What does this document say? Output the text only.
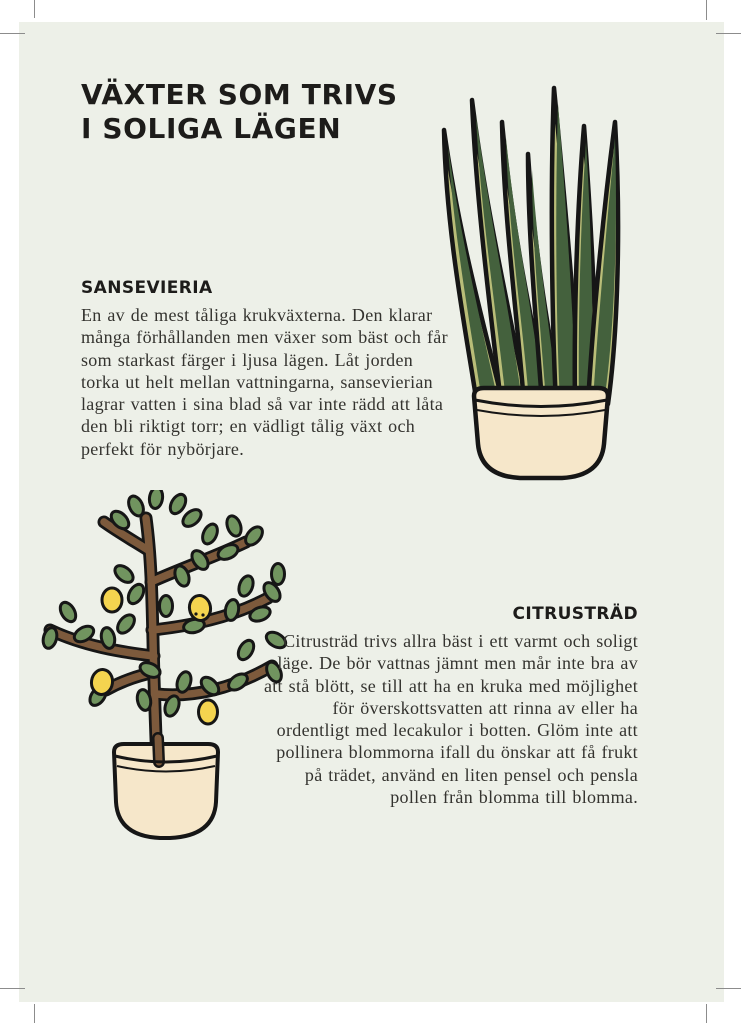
VÄXTER SOM TRIVS
I SOLIGA LÄGEN
SANSEVIERIA

En av de mest tåliga krukväxterna. Den klarar många förhållanden men växer som bäst och får som starkast färger i ljusa lägen. Låt jorden torka ut helt mellan vattningarna, sansevierian lagrar vatten i sina blad så var inte rädd att låta den bli riktigt torr; en vädligt tålig växt och perfekt för nybörjare.

CITRUSTRÄD

Citrusträd trivs allra bäst i ett varmt och soligt läge. De bör vattnas jämnt men mår inte bra av att stå blött, se till att ha en kruka med möjlighet för överskottsvatten att rinna av eller ha ordentligt med lecakulor i botten. Glöm inte att pollinera blommorna ifall du önskar att få frukt på trädet, använd en liten pensel och pensla pollen från blomma till blomma.
